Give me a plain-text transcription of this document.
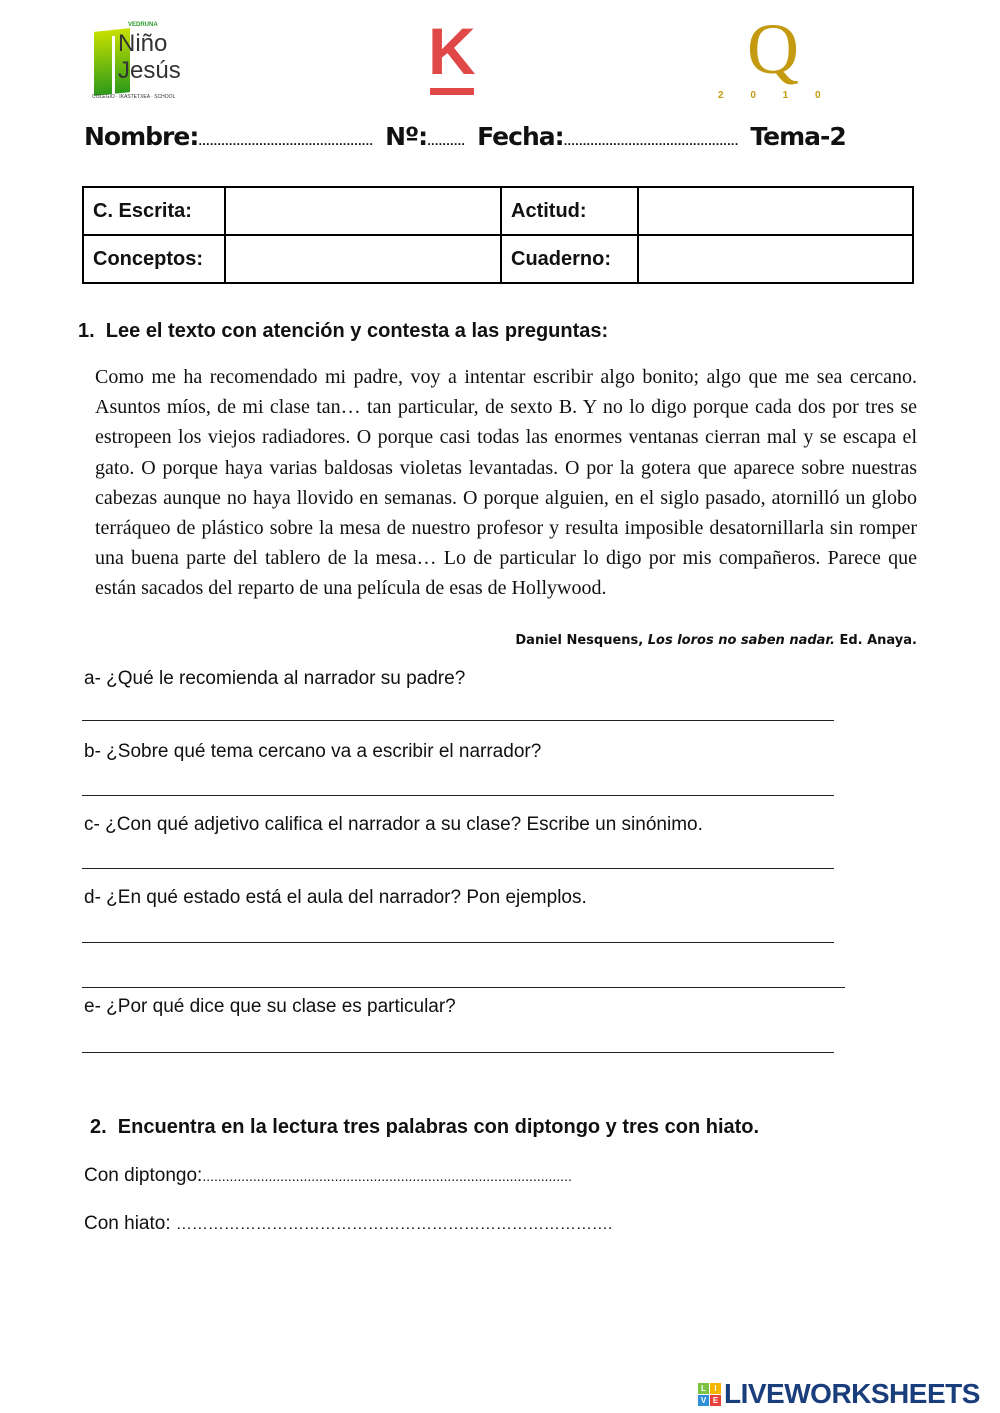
VEDRUNA
Niño
Jesús
COLEGIO · IKASTETXEA · SCHOOL
K	Q
2 0 1 0
Nombre:.............................................. Nº:.......... Fecha:.............................................. Tema-2
C. Escrita:		Actitud:	
Conceptos:		Cuaderno:	
1.  Lee el texto con atención y contesta a las preguntas:
Como me ha recomendado mi padre, voy a intentar escribir algo bonito; algo que me sea cercano. Asuntos míos, de mi clase tan… tan particular, de sexto B. Y no lo digo porque cada dos por tres se estropeen los viejos radiadores. O porque casi todas las enormes ventanas cierran mal y se escapa el gato. O porque haya varias baldosas violetas levantadas. O por la gotera que aparece sobre nuestras cabezas aunque no haya llovido en semanas. O porque alguien, en el siglo pasado, atornilló un globo terráqueo de plástico sobre la mesa de nuestro profesor y resulta imposible desatornillarla sin romper una buena parte del tablero de la mesa… Lo de particular lo digo por mis compañeros. Parece que están sacados del reparto de una película de esas de Hollywood.
Daniel Nesquens, Los loros no saben nadar. Ed. Anaya.
a- ¿Qué le recomienda al narrador su padre?
b- ¿Sobre qué tema cercano va a escribir el narrador?
c- ¿Con qué adjetivo califica el narrador a su clase? Escribe un sinónimo.
d- ¿En qué estado está el aula del narrador? Pon ejemplos.
e- ¿Por qué dice que su clase es particular?
2.  Encuentra en la lectura tres palabras con diptongo y tres con hiato.
Con diptongo:...............................................................................................
Con hiato: ……………………………………………………………………….
L	I
V E LIVEWORKSHEETS
